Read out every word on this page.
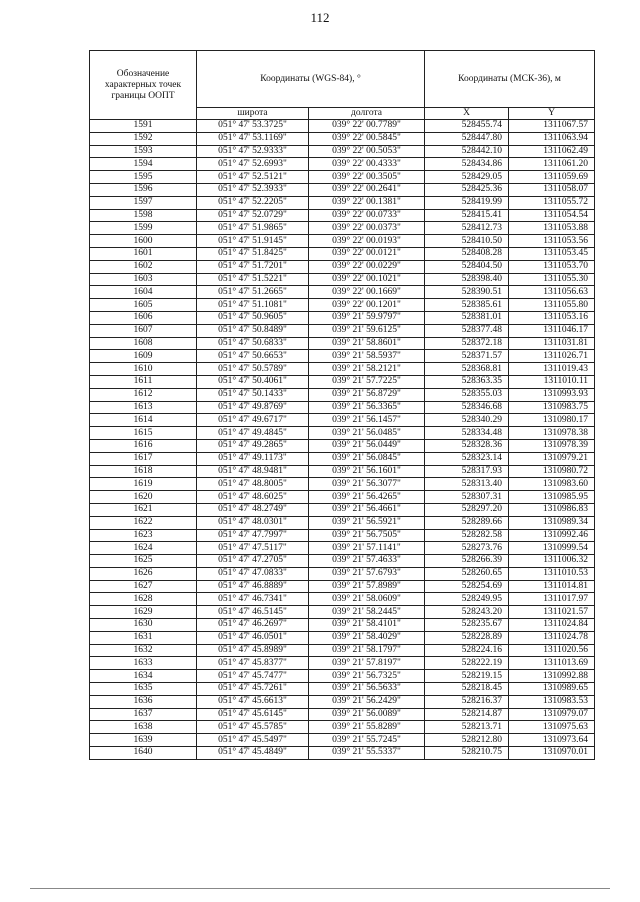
112
Обозначение характерных точек границы ООПТ	Координаты (WGS-84), °		Координаты (МСК-36), м	
	широта	долгота	X	Y
1591	051° 47' 53.3725"	039° 22' 00.7789"	528455.74	1311067.57
1592	051° 47' 53.1169"	039° 22' 00.5845"	528447.80	1311063.94
1593	051° 47' 52.9333"	039° 22' 00.5053"	528442.10	1311062.49
1594	051° 47' 52.6993"	039° 22' 00.4333"	528434.86	1311061.20
1595	051° 47' 52.5121"	039° 22' 00.3505"	528429.05	1311059.69
1596	051° 47' 52.3933"	039° 22' 00.2641"	528425.36	1311058.07
1597	051° 47' 52.2205"	039° 22' 00.1381"	528419.99	1311055.72
1598	051° 47' 52.0729"	039° 22' 00.0733"	528415.41	1311054.54
1599	051° 47' 51.9865"	039° 22' 00.0373"	528412.73	1311053.88
1600	051° 47' 51.9145"	039° 22' 00.0193"	528410.50	1311053.56
1601	051° 47' 51.8425"	039° 22' 00.0121"	528408.28	1311053.45
1602	051° 47' 51.7201"	039° 22' 00.0229"	528404.50	1311053.70
1603	051° 47' 51.5221"	039° 22' 00.1021"	528398.40	1311055.30
1604	051° 47' 51.2665"	039° 22' 00.1669"	528390.51	1311056.63
1605	051° 47' 51.1081"	039° 22' 00.1201"	528385.61	1311055.80
1606	051° 47' 50.9605"	039° 21' 59.9797"	528381.01	1311053.16
1607	051° 47' 50.8489"	039° 21' 59.6125"	528377.48	1311046.17
1608	051° 47' 50.6833"	039° 21' 58.8601"	528372.18	1311031.81
1609	051° 47' 50.6653"	039° 21' 58.5937"	528371.57	1311026.71
1610	051° 47' 50.5789"	039° 21' 58.2121"	528368.81	1311019.43
1611	051° 47' 50.4061"	039° 21' 57.7225"	528363.35	1311010.11
1612	051° 47' 50.1433"	039° 21' 56.8729"	528355.03	1310993.93
1613	051° 47' 49.8769"	039° 21' 56.3365"	528346.68	1310983.75
1614	051° 47' 49.6717"	039° 21' 56.1457"	528340.29	1310980.17
1615	051° 47' 49.4845"	039° 21' 56.0485"	528334.48	1310978.38
1616	051° 47' 49.2865"	039° 21' 56.0449"	528328.36	1310978.39
1617	051° 47' 49.1173"	039° 21' 56.0845"	528323.14	1310979.21
1618	051° 47' 48.9481"	039° 21' 56.1601"	528317.93	1310980.72
1619	051° 47' 48.8005"	039° 21' 56.3077"	528313.40	1310983.60
1620	051° 47' 48.6025"	039° 21' 56.4265"	528307.31	1310985.95
1621	051° 47' 48.2749"	039° 21' 56.4661"	528297.20	1310986.83
1622	051° 47' 48.0301"	039° 21' 56.5921"	528289.66	1310989.34
1623	051° 47' 47.7997"	039° 21' 56.7505"	528282.58	1310992.46
1624	051° 47' 47.5117"	039° 21' 57.1141"	528273.76	1310999.54
1625	051° 47' 47.2705"	039° 21' 57.4633"	528266.39	1311006.32
1626	051° 47' 47.0833"	039° 21' 57.6793"	528260.65	1311010.53
1627	051° 47' 46.8889"	039° 21' 57.8989"	528254.69	1311014.81
1628	051° 47' 46.7341"	039° 21' 58.0609"	528249.95	1311017.97
1629	051° 47' 46.5145"	039° 21' 58.2445"	528243.20	1311021.57
1630	051° 47' 46.2697"	039° 21' 58.4101"	528235.67	1311024.84
1631	051° 47' 46.0501"	039° 21' 58.4029"	528228.89	1311024.78
1632	051° 47' 45.8989"	039° 21' 58.1797"	528224.16	1311020.56
1633	051° 47' 45.8377"	039° 21' 57.8197"	528222.19	1311013.69
1634	051° 47' 45.7477"	039° 21' 56.7325"	528219.15	1310992.88
1635	051° 47' 45.7261"	039° 21' 56.5633"	528218.45	1310989.65
1636	051° 47' 45.6613"	039° 21' 56.2429"	528216.37	1310983.53
1637	051° 47' 45.6145"	039° 21' 56.0089"	528214.87	1310979.07
1638	051° 47' 45.5785"	039° 21' 55.8289"	528213.71	1310975.63
1639	051° 47' 45.5497"	039° 21' 55.7245"	528212.80	1310973.64
1640	051° 47' 45.4849"	039° 21' 55.5337"	528210.75	1310970.01
